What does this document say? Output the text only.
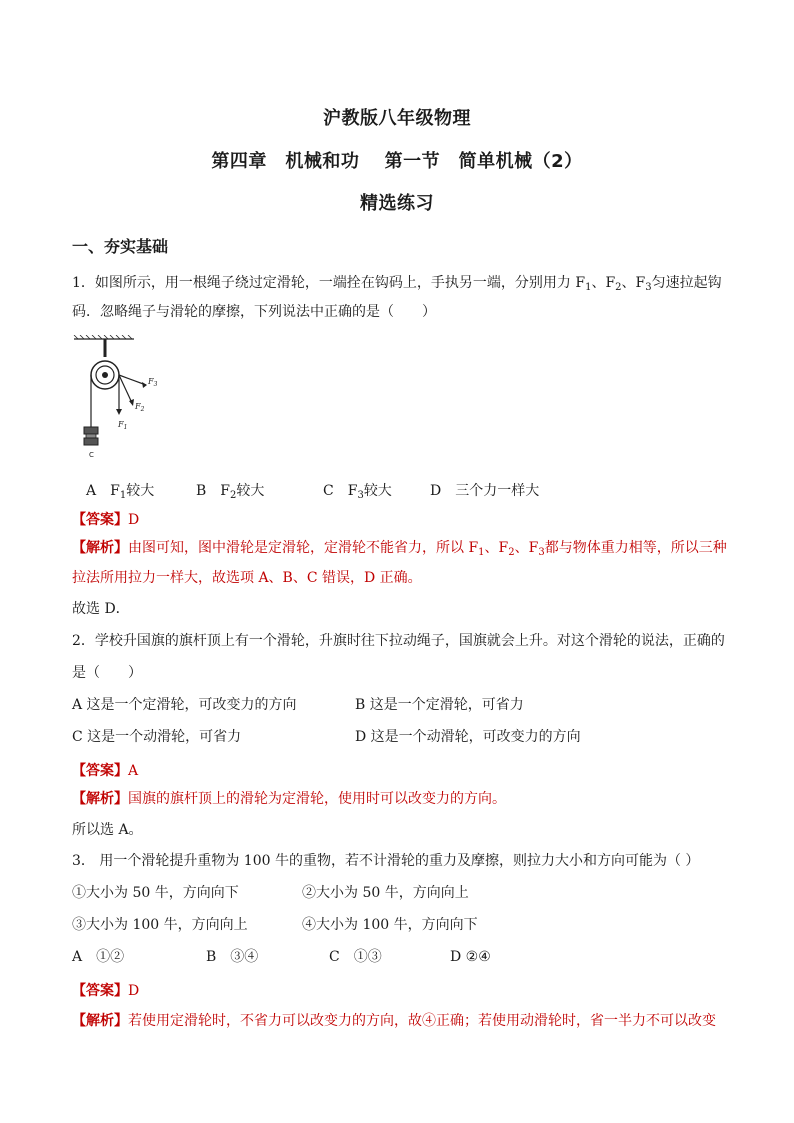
沪教版八年级物理
第四章　机械和功　 第一节　简单机械（2）
精选练习
一、夯实基础
1．如图所示，用一根绳子绕过定滑轮，一端拴在钩码上，手执另一端，分别用力 $F_1$、$F_2$、$F_3$匀速拉起钩
码．忽略绳子与滑轮的摩擦，下列说法中正确的是（　　）
C
$F_1$
$F_2$
$F_3$
A　$F_1$较大	B　$F_2$较大	C　$F_3$较大	D　三个力一样大
【答案】D
【解析】由图可知，图中滑轮是定滑轮，定滑轮不能省力，所以 $F_1$、$F_2$、$F_3$都与物体重力相等，所以三种
拉法所用拉力一样大，故选项 A、B、C 错误，D 正确。
故选 D．
2．学校升国旗的旗杆顶上有一个滑轮，升旗时往下拉动绳子，国旗就会上升。对这个滑轮的说法，正确的
是（　　）
A 这是一个定滑轮，可改变力的方向	B 这是一个定滑轮，可省力
C 这是一个动滑轮，可省力	D 这是一个动滑轮，可改变力的方向
【答案】A
【解析】国旗的旗杆顶上的滑轮为定滑轮，使用时可以改变力的方向。
所以选 A。
3． 用一个滑轮提升重物为 100 牛的重物，若不计滑轮的重力及摩擦，则拉力大小和方向可能为（ ）
①大小为 50 牛，方向向下	②大小为 50 牛，方向向上
③大小为 100 牛，方向向上	④大小为 100 牛，方向向下
A　①②	B　③④	C　①③	D ②④
【答案】D
【解析】若使用定滑轮时，不省力可以改变力的方向，故④正确；若使用动滑轮时，省一半力不可以改变
